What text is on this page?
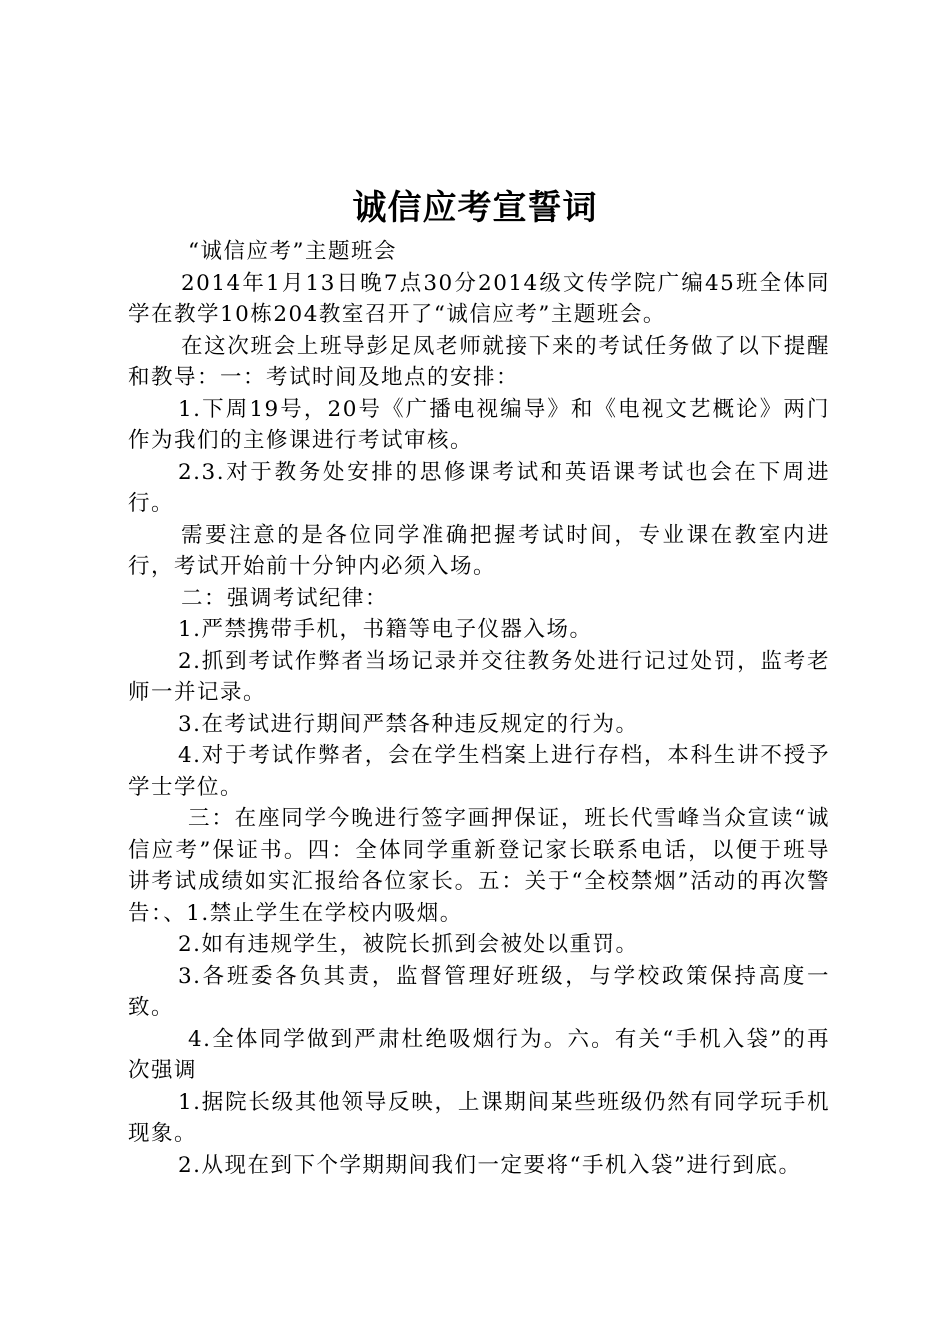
诚信应考宣誓词

“诚信应考”主题班会

2014年1月13日晚7点30分2014级文传学院广编45班全体同学在教学10栋204教室召开了“诚信应考”主题班会。

在这次班会上班导彭足凤老师就接下来的考试任务做了以下提醒和教导：一：考试时间及地点的安排：

1.下周19号，20号《广播电视编导》和《电视文艺概论》两门作为我们的主修课进行考试审核。

2.3.对于教务处安排的思修课考试和英语课考试也会在下周进行。

需要注意的是各位同学准确把握考试时间，专业课在教室内进行，考试开始前十分钟内必须入场。

二：强调考试纪律：

1.严禁携带手机，书籍等电子仪器入场。

2.抓到考试作弊者当场记录并交往教务处进行记过处罚，监考老师一并记录。

3.在考试进行期间严禁各种违反规定的行为。

4.对于考试作弊者，会在学生档案上进行存档，本科生讲不授予学士学位。

三：在座同学今晚进行签字画押保证，班长代雪峰当众宣读“诚信应考”保证书。四：全体同学重新登记家长联系电话，以便于班导讲考试成绩如实汇报给各位家长。五：关于“全校禁烟”活动的再次警告：、1.禁止学生在学校内吸烟。

2.如有违规学生，被院长抓到会被处以重罚。

3.各班委各负其责，监督管理好班级，与学校政策保持高度一致。

4.全体同学做到严肃杜绝吸烟行为。六。有关“手机入袋”的再次强调

1.据院长级其他领导反映，上课期间某些班级仍然有同学玩手机现象。

2.从现在到下个学期期间我们一定要将“手机入袋”进行到底。
